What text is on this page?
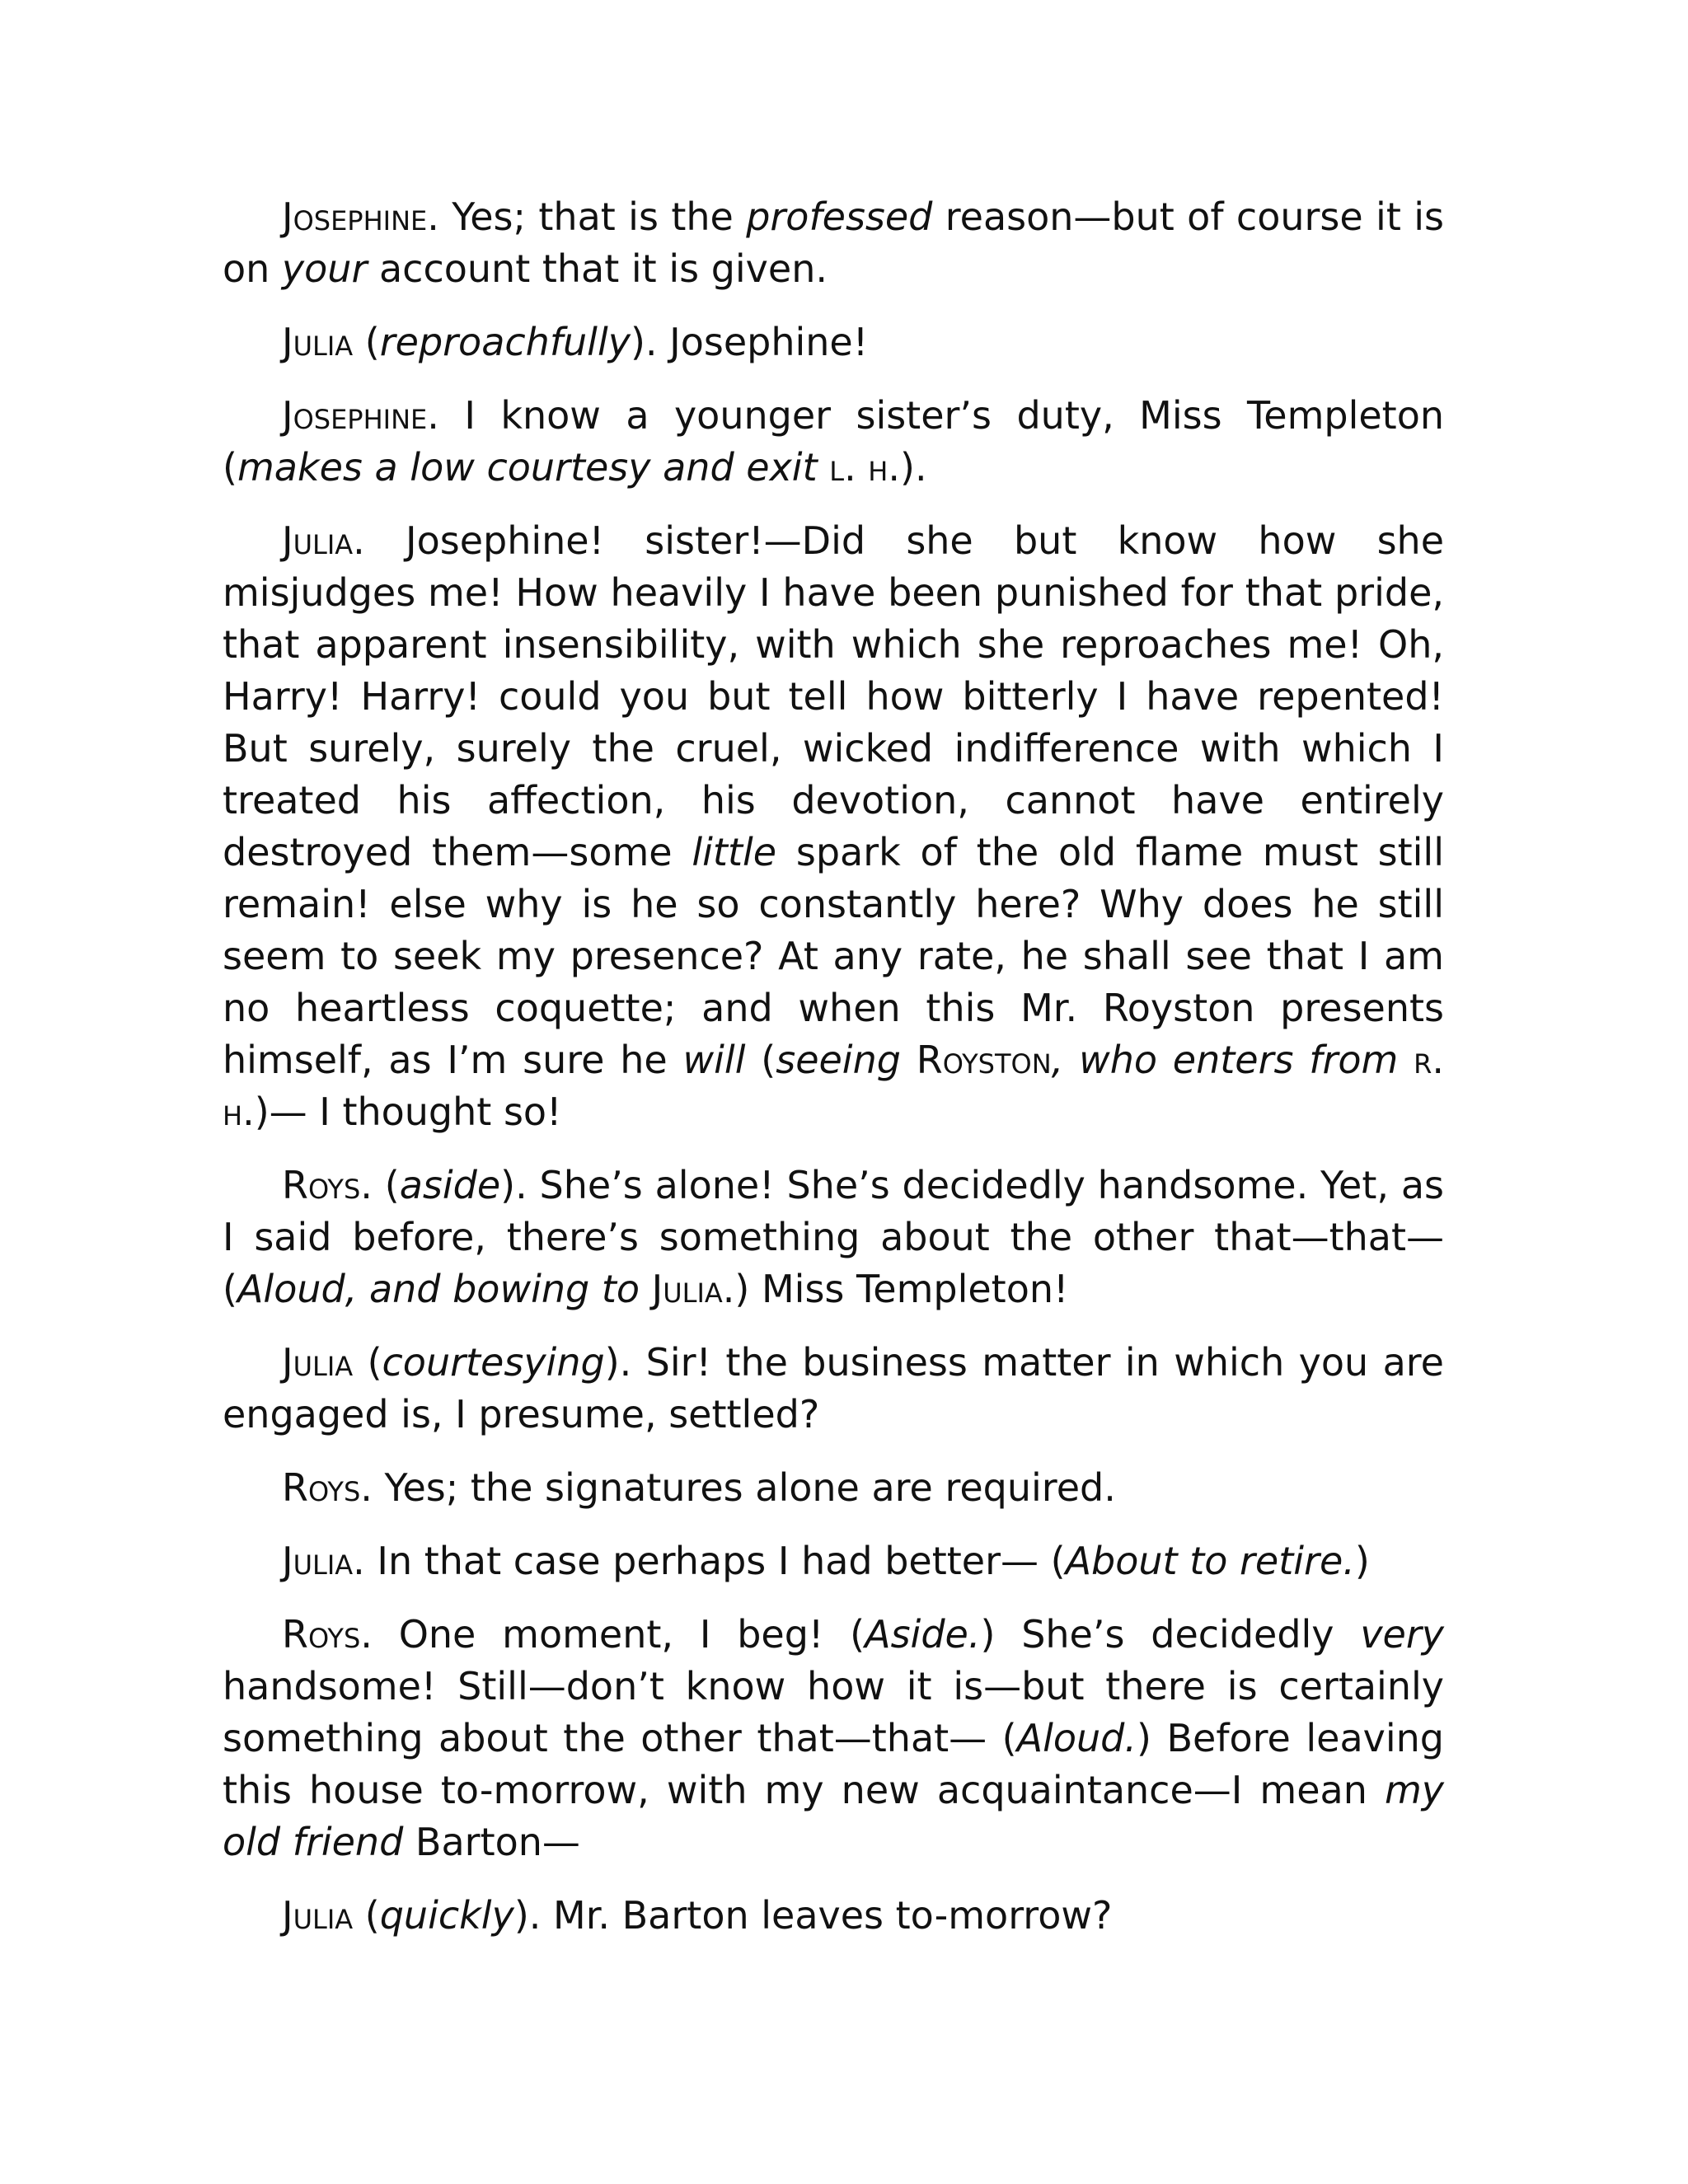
Josephine. Yes; that is the professed reason—but of course it is on your account that it is given.

Julia (reproachfully). Josephine!

Josephine. I know a younger sister’s duty, Miss Templeton (makes a low courtesy and exit l. h.).

Julia. Josephine! sister!—Did she but know how she misjudges me! How heavily I have been punished for that pride, that apparent insensibility, with which she reproaches me! Oh, Harry! Harry! could you but tell how bitterly I have repented! But surely, surely the cruel, wicked indifference with which I treated his affection, his devotion, cannot have entirely destroyed them—some little spark of the old flame must still remain! else why is he so constantly here? Why does he still seem to seek my presence? At any rate, he shall see that I am no heartless coquette; and when this Mr. Royston presents himself, as I’m sure he will (seeing Royston, who enters from r. h.)— I thought so!

Roys. (aside). She’s alone! She’s decidedly handsome. Yet, as I said before, there’s something about the other that—that— (Aloud, and bowing to Julia.) Miss Templeton!

Julia (courtesying). Sir! the business matter in which you are engaged is, I presume, settled?

Roys. Yes; the signatures alone are required.

Julia. In that case perhaps I had better— (About to retire.)

Roys. One moment, I beg! (Aside.) She’s decidedly very handsome! Still—don’t know how it is—but there is certainly something about the other that—that— (Aloud.) Before leaving this house to-morrow, with my new acquaintance—I mean my old friend Barton—

Julia (quickly). Mr. Barton leaves to-morrow?
